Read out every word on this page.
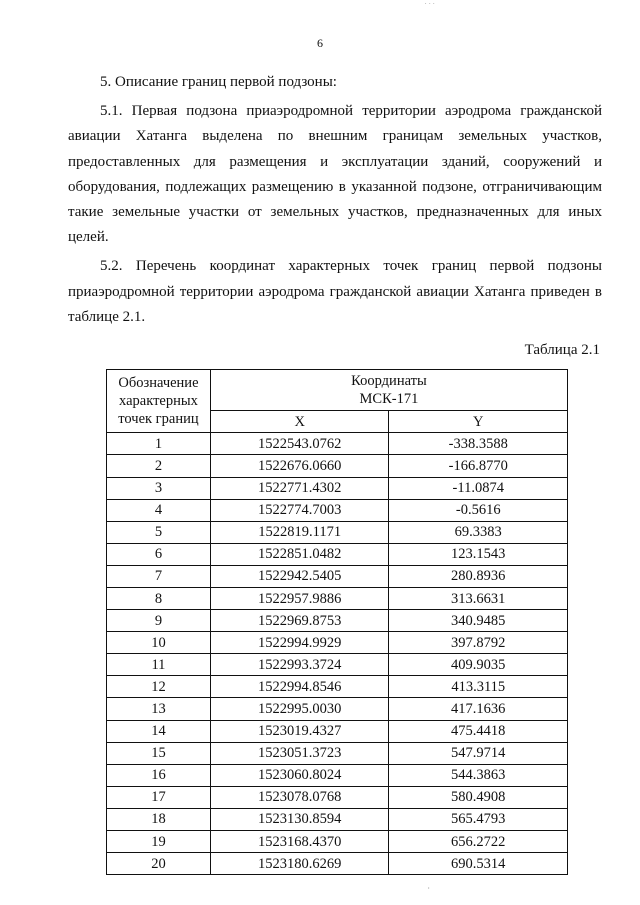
· · ·
6

5. Описание границ первой подзоны:

5.1. Первая подзона приаэродромной территории аэродрома гражданской авиации Хатанга выделена по внешним границам земельных участков, предоставленных для размещения и эксплуатации зданий, сооружений и оборудования, подлежащих размещению в указанной подзоне, отграничивающим такие земельные участки от земельных участков, предназначенных для иных целей.

5.2. Перечень координат характерных точек границ первой подзоны приаэродромной территории аэродрома гражданской авиации Хатанга приведен в таблице 2.1.

Таблица 2.1
Обозначение характерных точек границ	Координаты
МСК-171	

	X	Y
1	1522543.0762	-338.3588
2	1522676.0660	-166.8770
3	1522771.4302	-11.0874
4	1522774.7003	-0.5616
5	1522819.1171	69.3383
6	1522851.0482	123.1543
7	1522942.5405	280.8936
8	1522957.9886	313.6631
9	1522969.8753	340.9485
10	1522994.9929	397.8792
11	1522993.3724	409.9035
12	1522994.8546	413.3115
13	1522995.0030	417.1636
14	1523019.4327	475.4418
15	1523051.3723	547.9714
16	1523060.8024	544.3863
17	1523078.0768	580.4908
18	1523130.8594	565.4793
19	1523168.4370	656.2722
20	1523180.6269	690.5314
·
